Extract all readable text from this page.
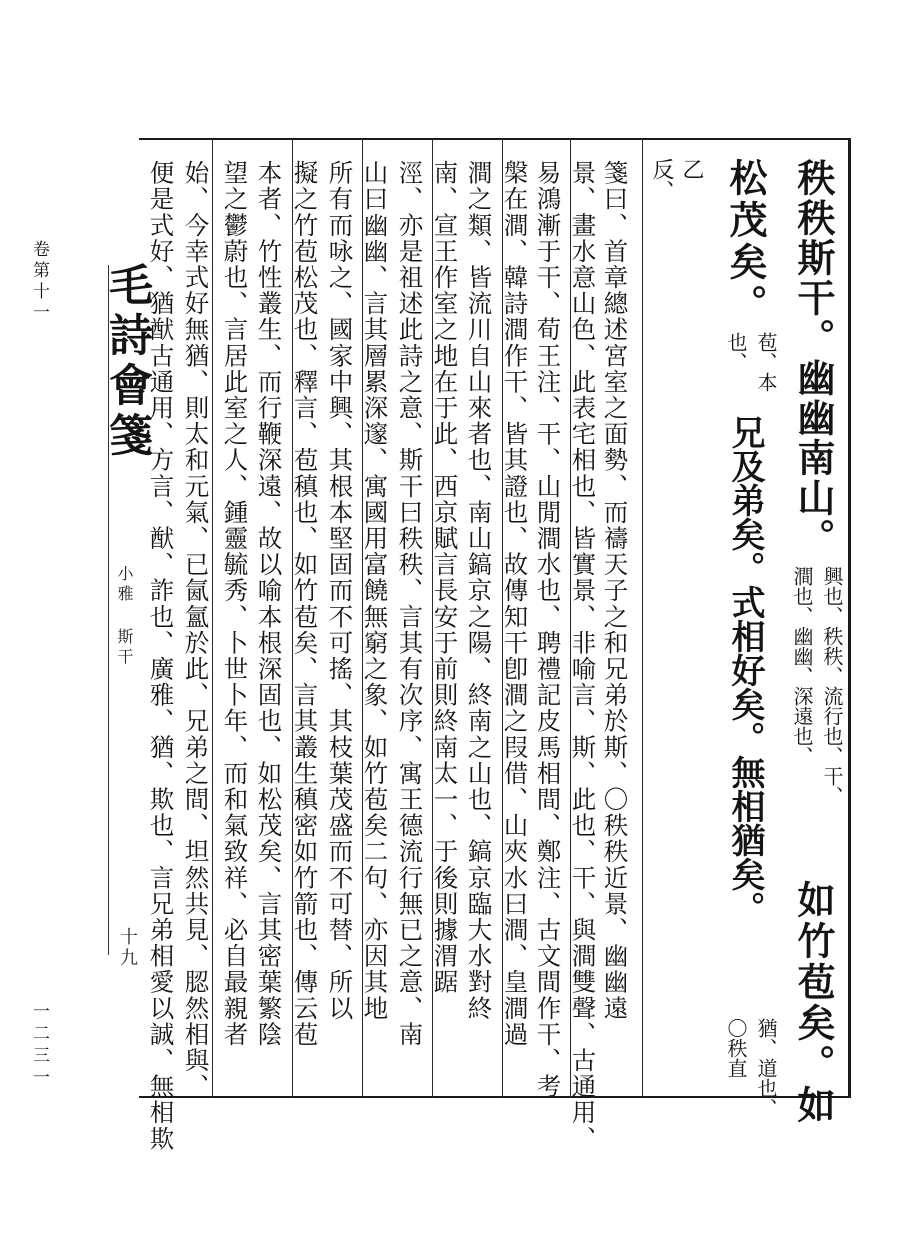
卷第十一
一二三一
毛詩會箋
小雅
斯干
十九
秩秩斯干。幽幽南山。
興也、秩秩、流行也、干、
澗也、幽幽、深遠也、
如竹苞矣。如
松茂矣。
苞、本
也、
兄及弟矣。式相好矣。無相猶矣。
猶、道也、
〇秩直
乙
反、
箋曰、首章總述宮室之面勢、而禱天子之和兄弟於斯、〇秩秩近景、幽幽遠
景、畫水意山色、此表宅相也、皆實景、非喻言、斯、此也、干、與澗雙聲、古通用、
易鴻漸于干、荀王注、干、山閒澗水也、聘禮記皮馬相間、鄭注、古文間作干、考
槃在澗、韓詩澗作干、皆其證也、故傳知干卽澗之叚借、山夾水曰澗、皇澗過
澗之類、皆流川自山來者也、南山鎬京之陽、終南之山也、鎬京臨大水對終
南、宣王作室之地在于此、西京賦言長安于前則終南太一、于後則據渭踞
涇、亦是祖述此詩之意、斯干曰秩秩、言其有次序、寓王德流行無已之意、南
山曰幽幽、言其層累深邃、寓國用富饒無窮之象、如竹苞矣二句、亦因其地
所有而咏之、國家中興、其根本堅固而不可搖、其枝葉茂盛而不可替、所以
擬之竹苞松茂也、釋言、苞稹也、如竹苞矣、言其叢生稹密如竹箭也、傳云苞
本者、竹性叢生、而行鞭深遠、故以喻本根深固也、如松茂矣、言其密葉繁陰
望之鬱蔚也、言居此室之人、鍾靈毓秀、卜世卜年、而和氣致祥、必自最親者
始、今幸式好無猶、則太和元氣、已氤氳於此、兄弟之間、坦然共見、䏰然相與、
便是式好、猶猷古通用、方言、猷、詐也、廣雅、猶、欺也、言兄弟相愛以誠、無相欺
